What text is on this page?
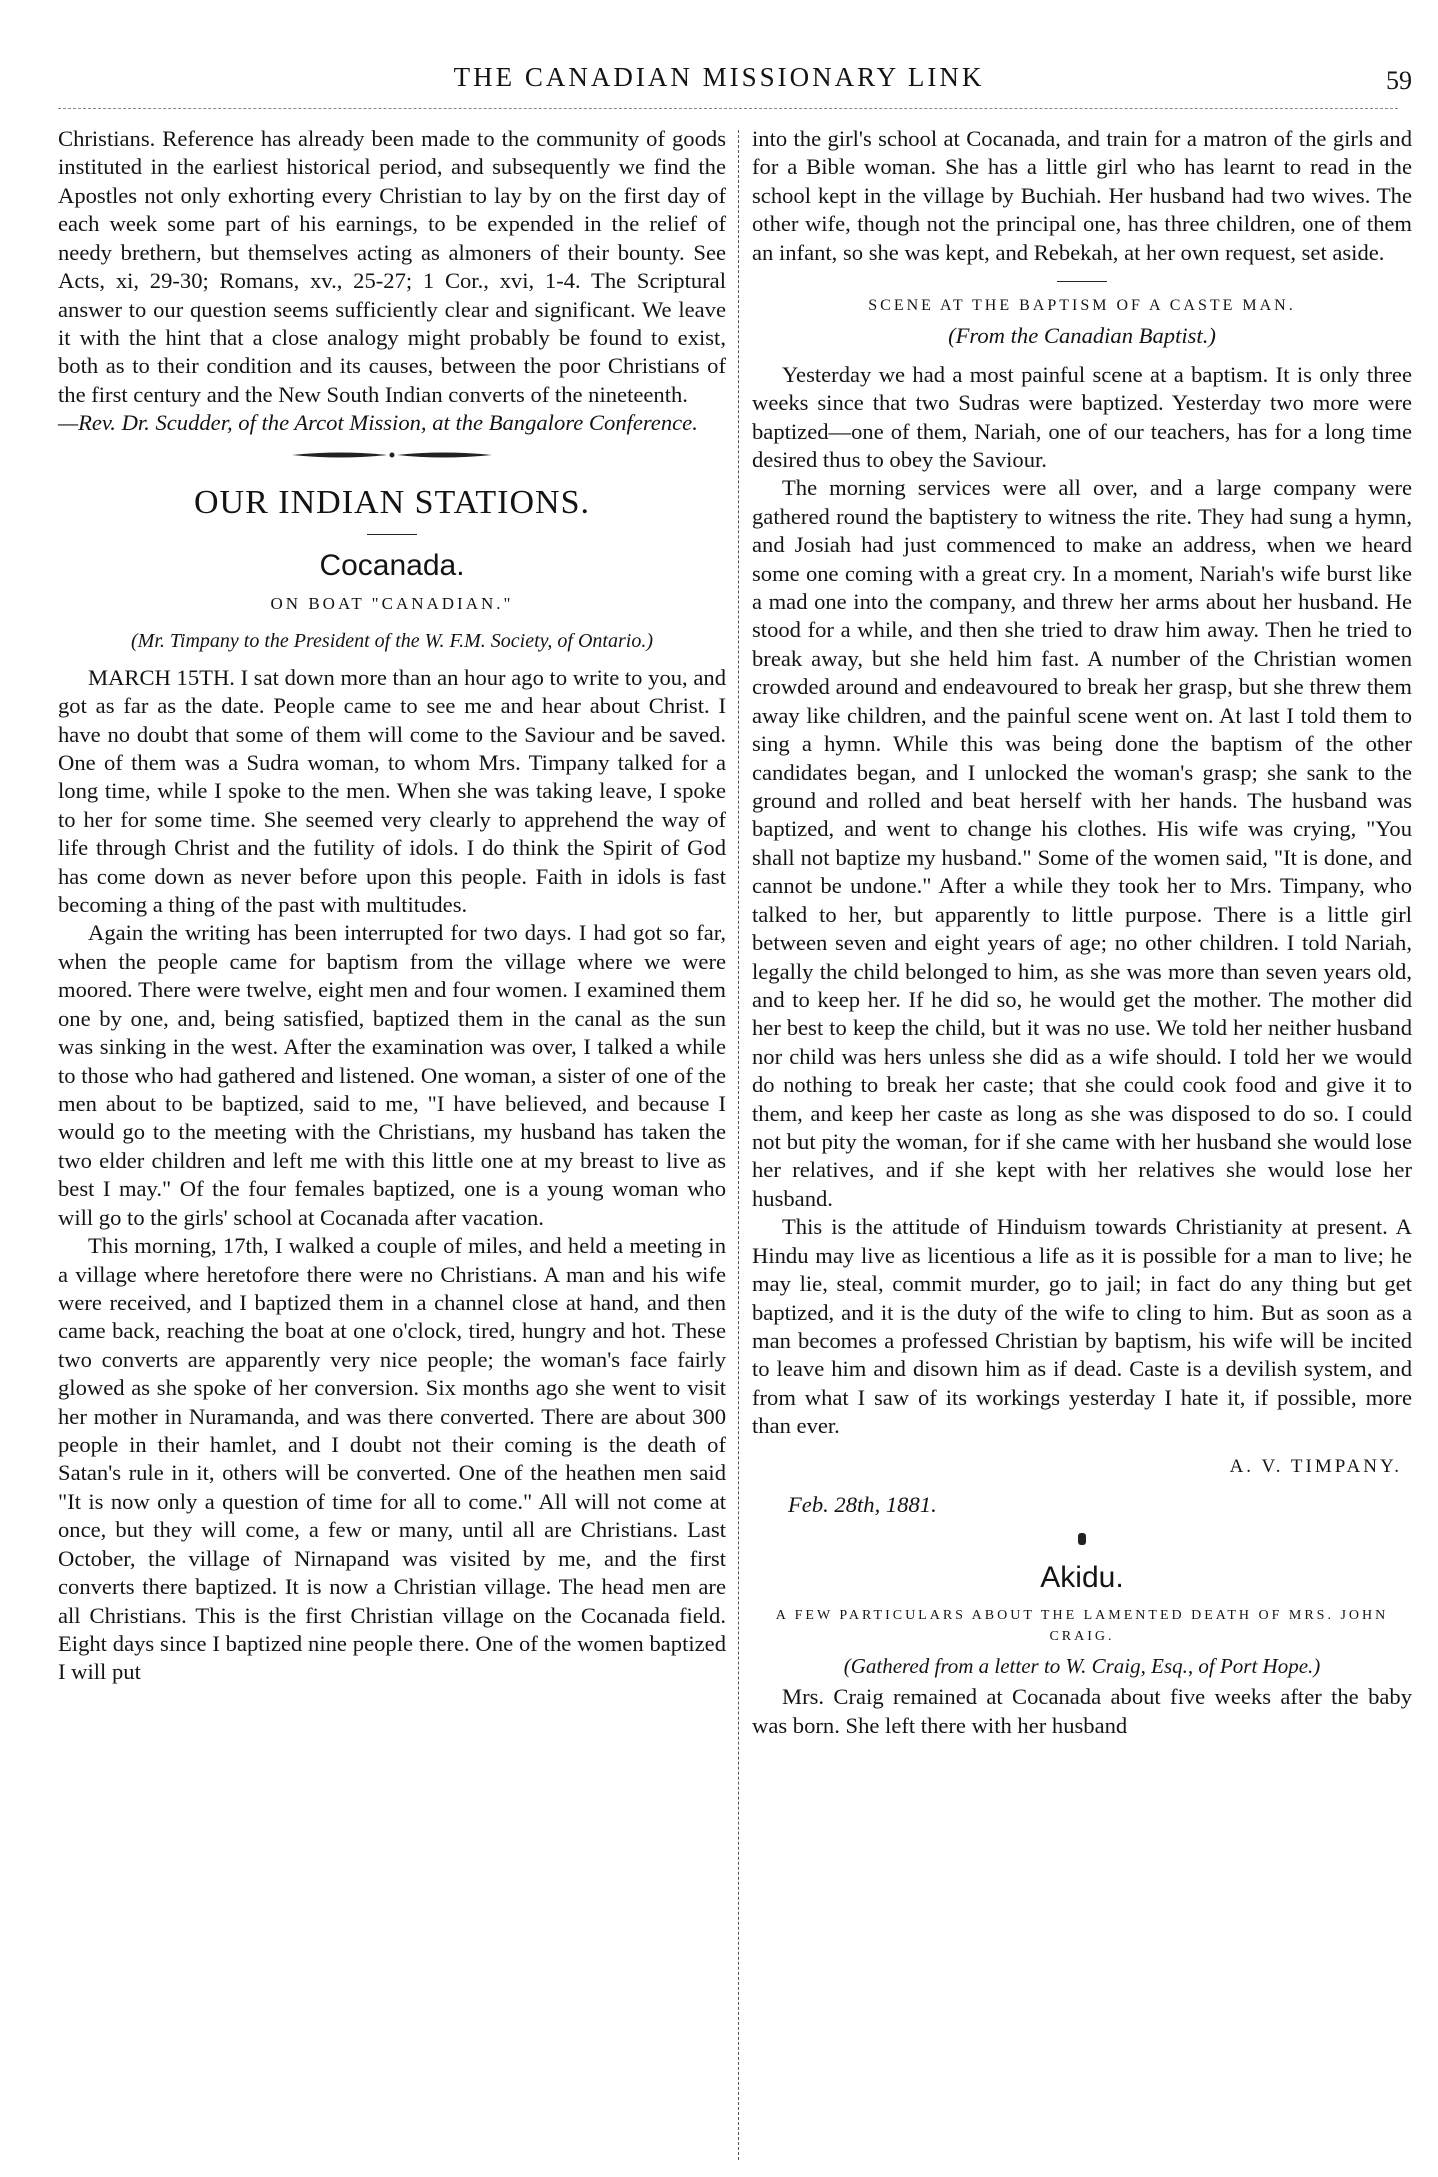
THE CANADIAN MISSIONARY LINK	59

Christians. Reference has already been made to the community of goods instituted in the earliest historical period, and subsequently we find the Apostles not only exhorting every Christian to lay by on the first day of each week some part of his earnings, to be expended in the relief of needy brethern, but themselves acting as almoners of their bounty. See Acts, xi, 29-30; Romans, xv., 25-27; 1 Cor., xvi, 1-4. The Scriptural answer to our question seems sufficiently clear and significant. We leave it with the hint that a close analogy might probably be found to exist, both as to their condition and its causes, between the poor Christians of the first century and the New South Indian converts of the nineteenth.

—Rev. Dr. Scudder, of the Arcot Mission, at the Bangalore Conference.

OUR INDIAN STATIONS.
Cocanada.
ON BOAT "CANADIAN."

(Mr. Timpany to the President of the W. F.M. Society, of Ontario.)

MARCH 15TH. I sat down more than an hour ago to write to you, and got as far as the date. People came to see me and hear about Christ. I have no doubt that some of them will come to the Saviour and be saved. One of them was a Sudra woman, to whom Mrs. Timpany talked for a long time, while I spoke to the men. When she was taking leave, I spoke to her for some time. She seemed very clearly to apprehend the way of life through Christ and the futility of idols. I do think the Spirit of God has come down as never before upon this people. Faith in idols is fast becoming a thing of the past with multitudes.

Again the writing has been interrupted for two days. I had got so far, when the people came for baptism from the village where we were moored. There were twelve, eight men and four women. I examined them one by one, and, being satisfied, baptized them in the canal as the sun was sinking in the west. After the examination was over, I talked a while to those who had gathered and listened. One woman, a sister of one of the men about to be baptized, said to me, "I have believed, and because I would go to the meeting with the Christians, my husband has taken the two elder children and left me with this little one at my breast to live as best I may." Of the four females baptized, one is a young woman who will go to the girls' school at Cocanada after vacation.

This morning, 17th, I walked a couple of miles, and held a meeting in a village where heretofore there were no Christians. A man and his wife were received, and I baptized them in a channel close at hand, and then came back, reaching the boat at one o'clock, tired, hungry and hot. These two converts are apparently very nice people; the woman's face fairly glowed as she spoke of her conversion. Six months ago she went to visit her mother in Nuramanda, and was there converted. There are about 300 people in their hamlet, and I doubt not their coming is the death of Satan's rule in it, others will be converted. One of the heathen men said "It is now only a question of time for all to come." All will not come at once, but they will come, a few or many, until all are Christians. Last October, the village of Nirnapand was visited by me, and the first converts there baptized. It is now a Christian village. The head men are all Christians. This is the first Christian village on the Cocanada field. Eight days since I baptized nine people there. One of the women baptized I will put

into the girl's school at Cocanada, and train for a matron of the girls and for a Bible woman. She has a little girl who has learnt to read in the school kept in the village by Buchiah. Her husband had two wives. The other wife, though not the principal one, has three children, one of them an infant, so she was kept, and Rebekah, at her own request, set aside.

SCENE AT THE BAPTISM OF A CASTE MAN.

(From the Canadian Baptist.)

Yesterday we had a most painful scene at a baptism. It is only three weeks since that two Sudras were baptized. Yesterday two more were baptized—one of them, Nariah, one of our teachers, has for a long time desired thus to obey the Saviour.

The morning services were all over, and a large company were gathered round the baptistery to witness the rite. They had sung a hymn, and Josiah had just commenced to make an address, when we heard some one coming with a great cry. In a moment, Nariah's wife burst like a mad one into the company, and threw her arms about her husband. He stood for a while, and then she tried to draw him away. Then he tried to break away, but she held him fast. A number of the Christian women crowded around and endeavoured to break her grasp, but she threw them away like children, and the painful scene went on. At last I told them to sing a hymn. While this was being done the baptism of the other candidates began, and I unlocked the woman's grasp; she sank to the ground and rolled and beat herself with her hands. The husband was baptized, and went to change his clothes. His wife was crying, "You shall not baptize my husband." Some of the women said, "It is done, and cannot be undone." After a while they took her to Mrs. Timpany, who talked to her, but apparently to little purpose. There is a little girl between seven and eight years of age; no other children. I told Nariah, legally the child belonged to him, as she was more than seven years old, and to keep her. If he did so, he would get the mother. The mother did her best to keep the child, but it was no use. We told her neither husband nor child was hers unless she did as a wife should. I told her we would do nothing to break her caste; that she could cook food and give it to them, and keep her caste as long as she was disposed to do so. I could not but pity the woman, for if she came with her husband she would lose her relatives, and if she kept with her relatives she would lose her husband.

This is the attitude of Hinduism towards Christianity at present. A Hindu may live as licentious a life as it is possible for a man to live; he may lie, steal, commit murder, go to jail; in fact do any thing but get baptized, and it is the duty of the wife to cling to him. But as soon as a man becomes a professed Christian by baptism, his wife will be incited to leave him and disown him as if dead. Caste is a devilish system, and from what I saw of its workings yesterday I hate it, if possible, more than ever.

A. V. TIMPANY.
Feb. 28th, 1881.
Akidu.
A FEW PARTICULARS ABOUT THE LAMENTED DEATH OF MRS. JOHN CRAIG.

(Gathered from a letter to W. Craig, Esq., of Port Hope.)

Mrs. Craig remained at Cocanada about five weeks after the baby was born. She left there with her husband
